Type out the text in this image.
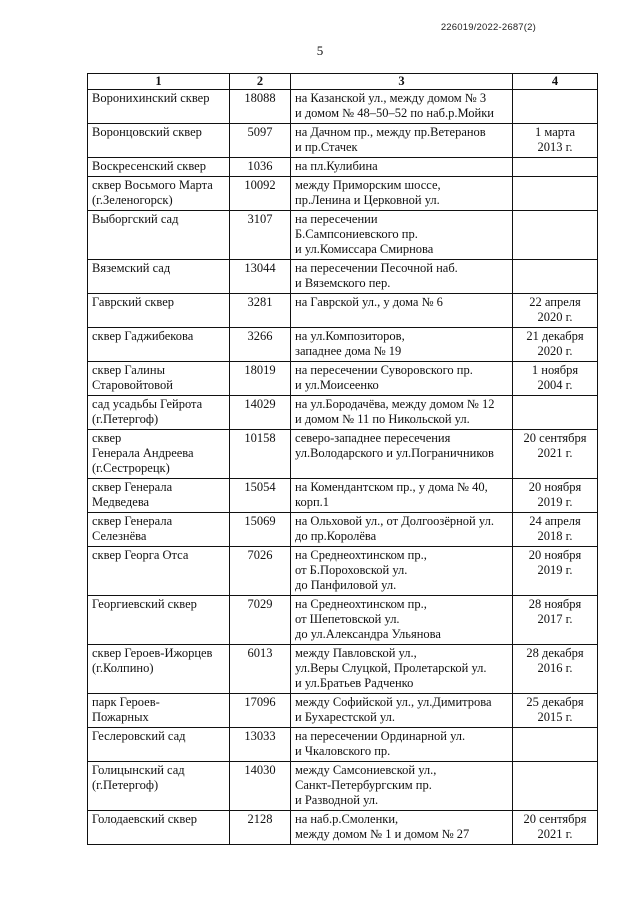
226019/2022-2687(2)
5
1	2	3	4

Воронихинский сквер	18088	на Казанской ул., между домом № 3
и домом № 48–50–52 по наб.р.Мойки	

Воронцовский сквер	5097	на Дачном пр., между пр.Ветеранов
и пр.Стачек	1 марта
2013 г.

Воскресенский сквер	1036	на пл.Кулибина	

сквер Восьмого Марта
(г.Зеленогорск)	10092	между Приморским шоссе,
пр.Ленина и Церковной ул.	

Выборгский сад	3107	на пересечении
Б.Сампсониевского пр.
и ул.Комиссара Смирнова	

Вяземский сад	13044	на пересечении Песочной наб.
и Вяземского пер.	

Гаврский сквер	3281	на Гаврской ул., у дома № 6	22 апреля
2020 г.

сквер Гаджибекова	3266	на ул.Композиторов,
западнее дома № 19	21 декабря
2020 г.

сквер Галины
Старовойтовой	18019	на пересечении Суворовского пр.
и ул.Моисеенко	1 ноября
2004 г.

сад усадьбы Гейрота
(г.Петергоф)	14029	на ул.Бородачёва, между домом № 12
и домом № 11 по Никольской ул.	

сквер
Генерала Андреева
(г.Сестрорецк)	10158	северо-западнее пересечения
ул.Володарского и ул.Пограничников	20 сентября
2021 г.

сквер Генерала
Медведева	15054	на Комендантском пр., у дома № 40,
корп.1	20 ноября
2019 г.

сквер Генерала
Селезнёва	15069	на Ольховой ул., от Долгоозёрной ул.
до пр.Королёва	24 апреля
2018 г.

сквер Георга Отса	7026	на Среднеохтинском пр.,
от Б.Пороховской ул.
до Панфиловой ул.	20 ноября
2019 г.

Георгиевский сквер	7029	на Среднеохтинском пр.,
от Шепетовской ул.
до ул.Александра Ульянова	28 ноября
2017 г.

сквер Героев-Ижорцев
(г.Колпино)	6013	между Павловской ул.,
ул.Веры Слуцкой, Пролетарской ул.
и ул.Братьев Радченко	28 декабря
2016 г.

парк Героев-
Пожарных	17096	между Софийской ул., ул.Димитрова
и Бухарестской ул.	25 декабря
2015 г.

Геслеровский сад	13033	на пересечении Ординарной ул.
и Чкаловского пр.	

Голицынский сад
(г.Петергоф)	14030	между Самсониевской ул.,
Санкт-Петербургским пр.
и Разводной ул.	

Голодаевский сквер	2128	на наб.р.Смоленки,
между домом № 1 и домом № 27	20 сентября
2021 г.
